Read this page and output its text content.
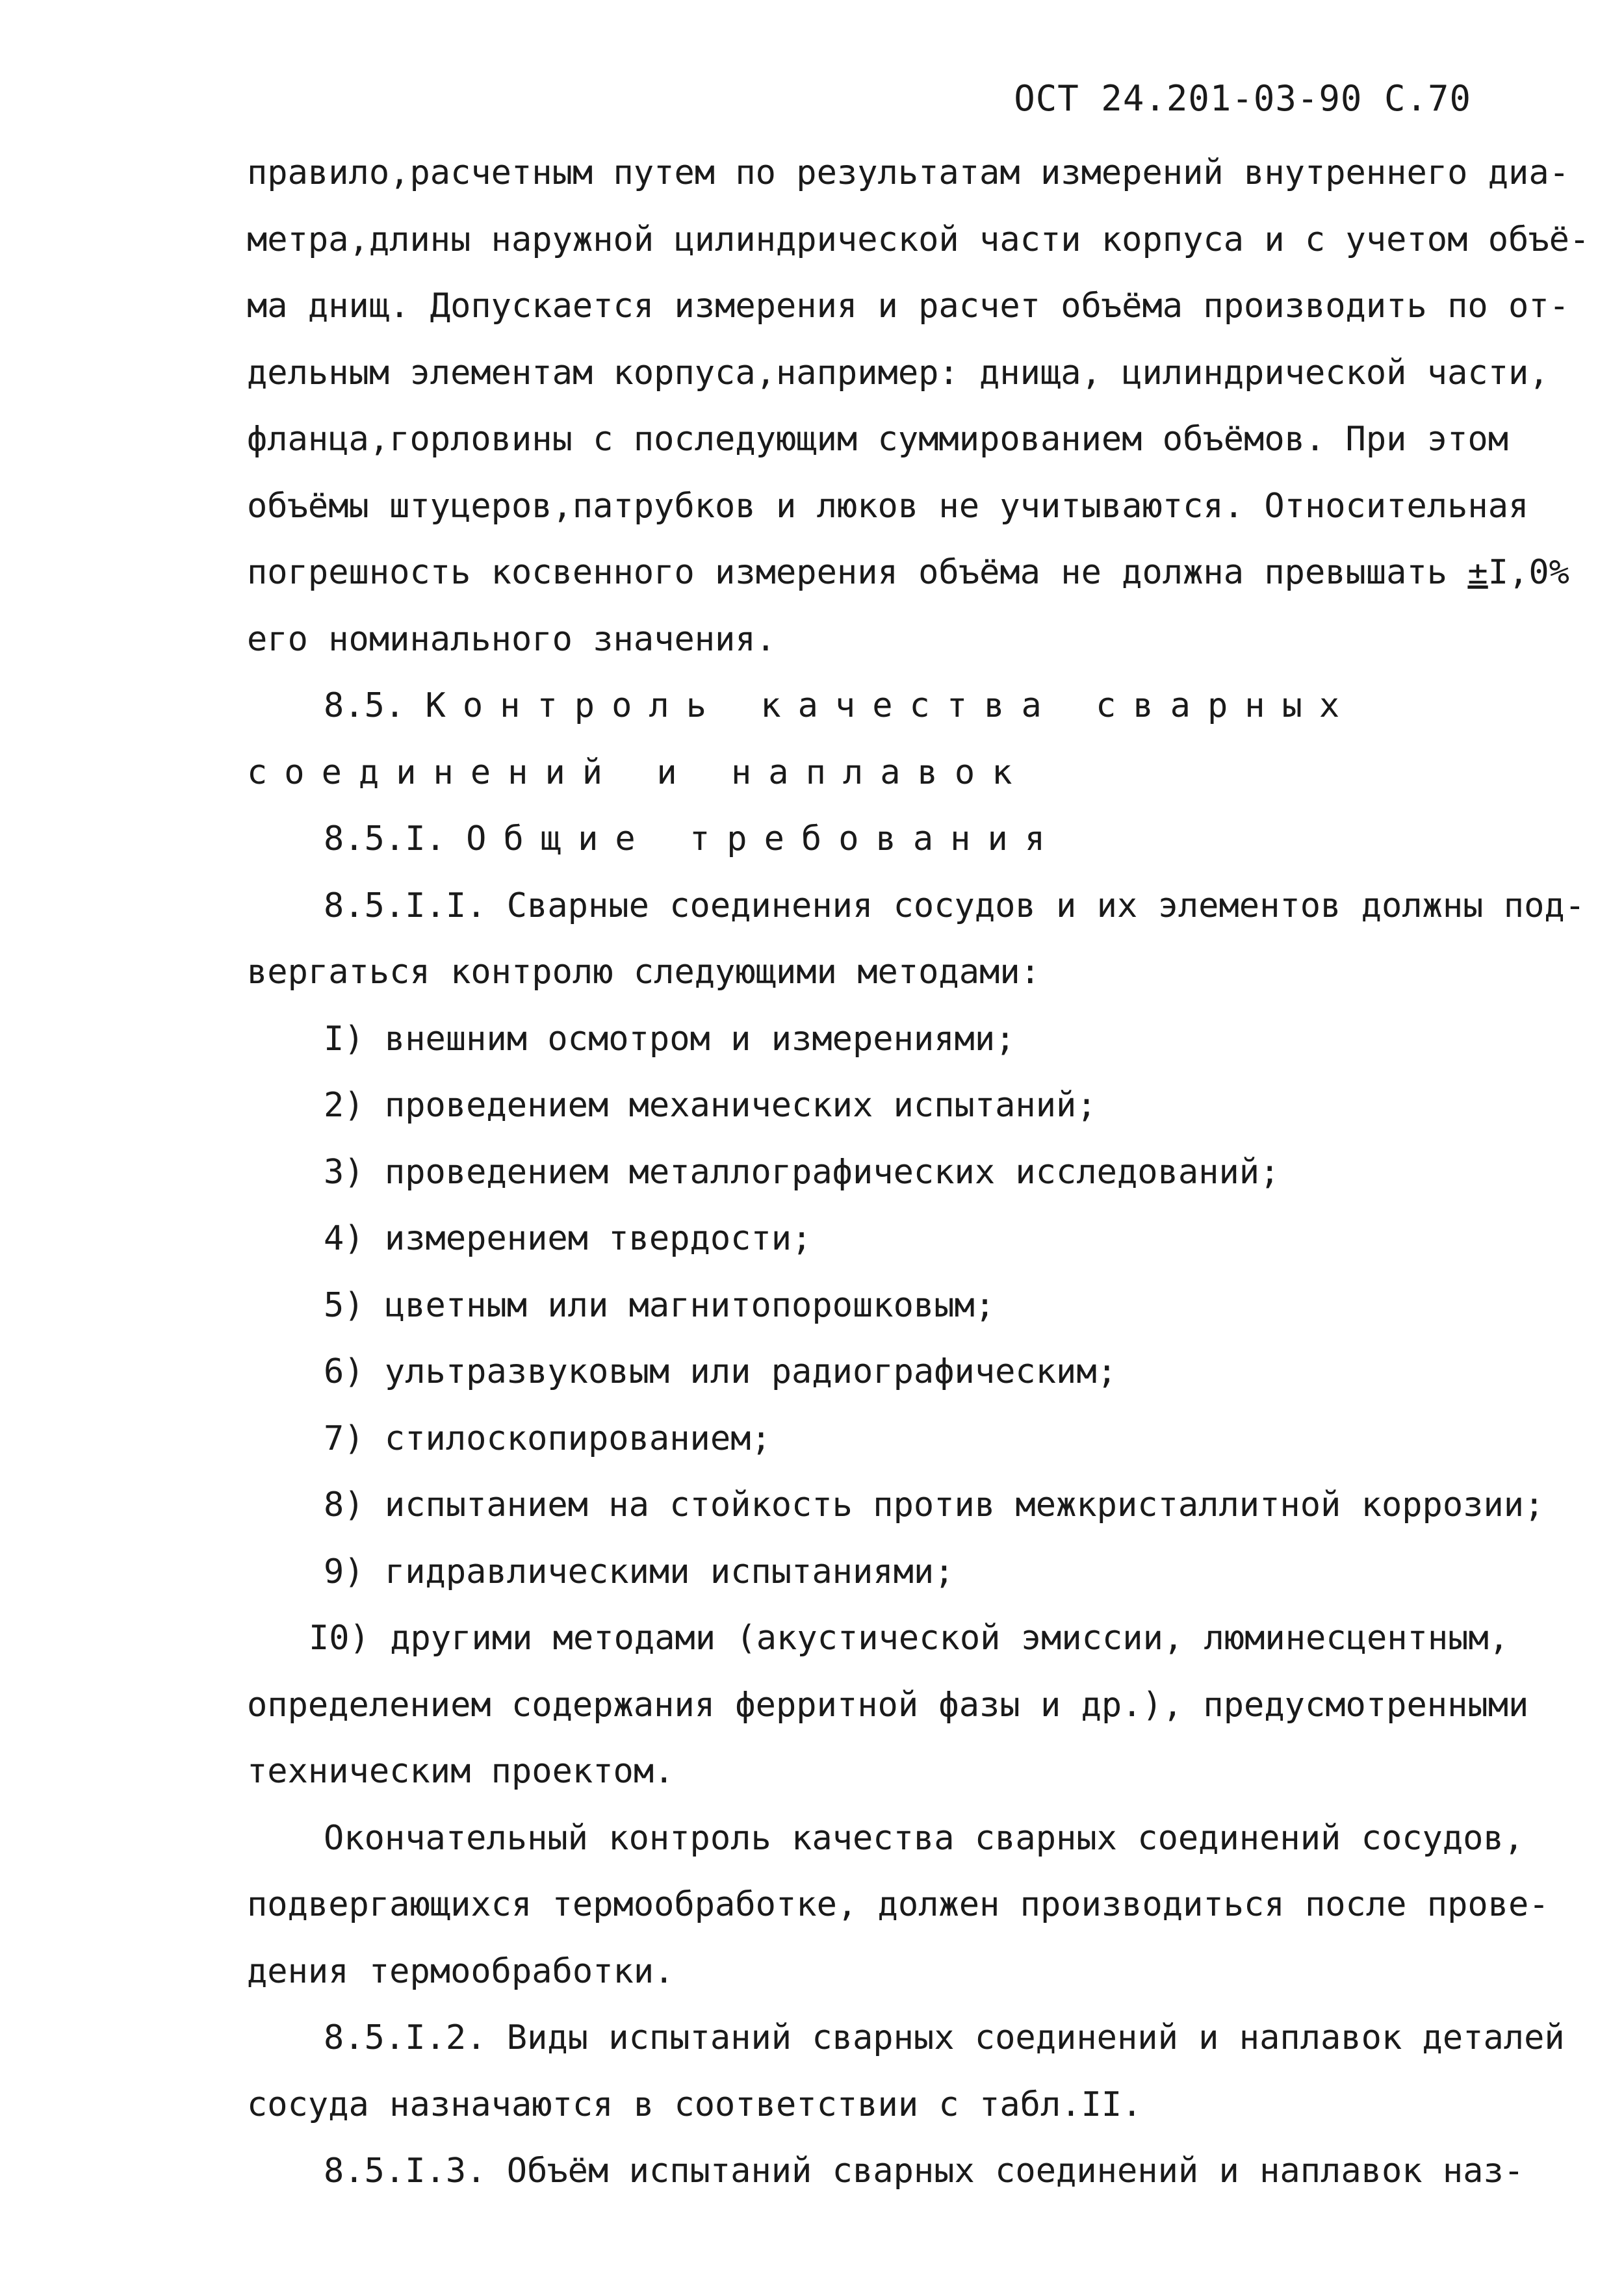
ОСТ 24.201-03-90 С.70
правило,расчетным путем по результатам измерений внутреннего диа-
метра,длины наружной цилиндрической части корпуса и с учетом объё-
ма днищ. Допускается измерения и расчет объёма производить по от-
дельным элементам корпуса,например: днища, цилиндрической части,
фланца,горловины с последующим суммированием объёмов. При этом
объёмы штуцеров,патрубков и люков не учитываются. Относительная
погрешность косвенного измерения объёма не должна превышать ±I,0%
его номинального значения.
8.5. Контроль качества сварных
соединений и наплавок
8.5.I. Общие требования
8.5.I.I. Сварные соединения сосудов и их элементов должны под-
вергаться контролю следующими методами:
I) внешним осмотром и измерениями;
2) проведением механических испытаний;
3) проведением металлографических исследований;
4) измерением твердости;
5) цветным или магнитопорошковым;
6) ультразвуковым или радиографическим;
7) стилоскопированием;
8) испытанием на стойкость против межкристаллитной коррозии;
9) гидравлическими испытаниями;
I0) другими методами (акустической эмиссии, люминесцентным,
определением содержания ферритной фазы и др.), предусмотренными
техническим проектом.
Окончательный контроль качества сварных соединений сосудов,
подвергающихся термообработке, должен производиться после прове-
дения термообработки.
8.5.I.2. Виды испытаний сварных соединений и наплавок деталей
сосуда назначаются в соответствии с табл.II.
8.5.I.3. Объём испытаний сварных соединений и наплавок наз-
